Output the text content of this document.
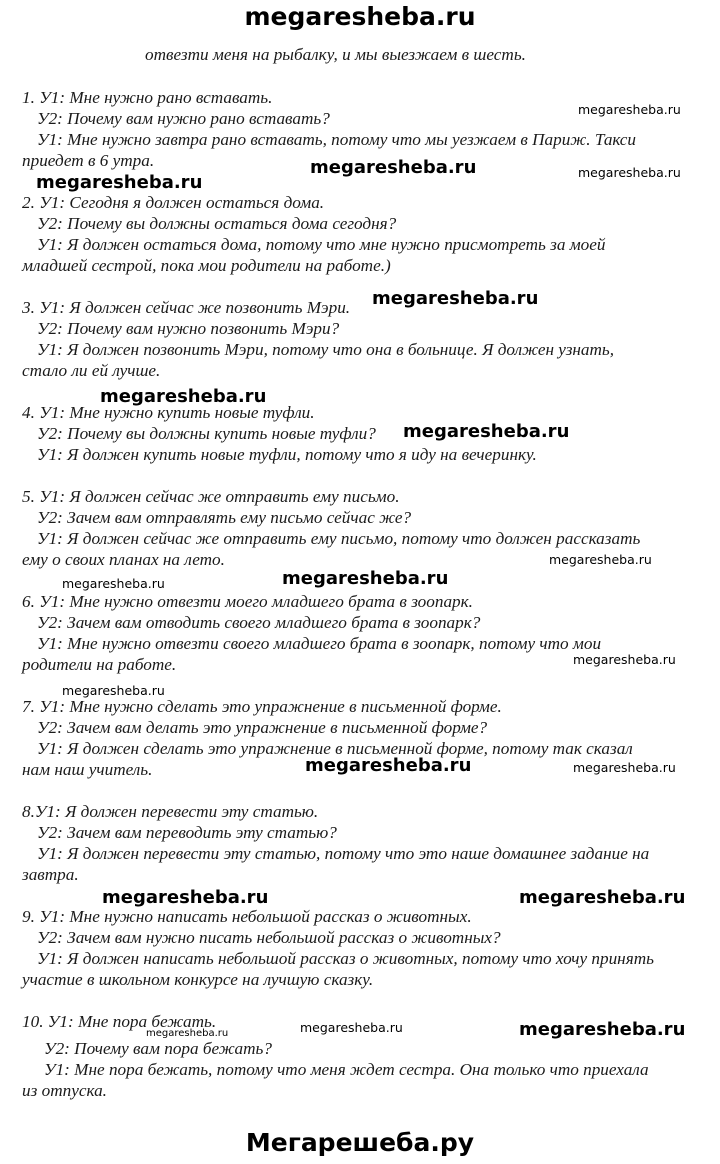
megaresheba.ru
отвезти меня на рыбалку, и мы выезжаем в шесть.
1. У1: Мне нужно рано вставать.
У2: Почему вам нужно рано вставать?
У1: Мне нужно завтра рано вставать, потому что мы уезжаем в Париж. Такси
приедет в 6 утра.
2. У1: Сегодня я должен остаться дома.
У2: Почему вы должны остаться дома сегодня?
У1: Я должен остаться дома, потому что мне нужно присмотреть за моей
младшей сестрой, пока мои родители на работе.)
3. У1: Я должен сейчас же позвонить Мэри.
У2: Почему вам нужно позвонить Мэри?
У1: Я должен позвонить Мэри, потому что она в больнице. Я должен узнать,
стало ли ей лучше.
4. У1: Мне нужно купить новые туфли.
У2: Почему вы должны купить новые туфли?
У1: Я должен купить новые туфли, потому что я иду на вечеринку.
5. У1: Я должен сейчас же отправить ему письмо.
У2: Зачем вам отправлять ему письмо сейчас же?
У1: Я должен сейчас же отправить ему письмо, потому что должен рассказать
ему о своих планах на лето.
6. У1: Мне нужно отвезти моего младшего брата в зоопарк.
У2: Зачем вам отводить своего младшего брата в зоопарк?
У1: Мне нужно отвезти своего младшего брата в зоопарк, потому что мои
родители на работе.
7. У1: Мне нужно сделать это упражнение в письменной форме.
У2: Зачем вам делать это упражнение в письменной форме?
У1: Я должен сделать это упражнение в письменной форме, потому так сказал
нам наш учитель.
8.У1: Я должен перевести эту статью.
У2: Зачем вам переводить эту статью?
У1: Я должен перевести эту статью, потому что это наше домашнее задание на
завтра.
9. У1: Мне нужно написать небольшой рассказ о животных.
У2: Зачем вам нужно писать небольшой рассказ о животных?
У1: Я должен написать небольшой рассказ о животных, потому что хочу принять
участие в школьном конкурсе на лучшую сказку.
10. У1: Мне пора бежать.
У2: Почему вам пора бежать?
У1: Мне пора бежать, потому что меня ждет сестра. Она только что приехала
из отпуска.
megaresheba.ru
megaresheba.ru	megaresheba.ru
megaresheba.ru
megaresheba.ru
megaresheba.ru
megaresheba.ru
megaresheba.ru
megaresheba.ru	megaresheba.ru
megaresheba.ru
megaresheba.ru
megaresheba.ru	megaresheba.ru
megaresheba.ru	megaresheba.ru
megaresheba.ru
megaresheba.ru	megaresheba.ru
Мегарешеба.ру
